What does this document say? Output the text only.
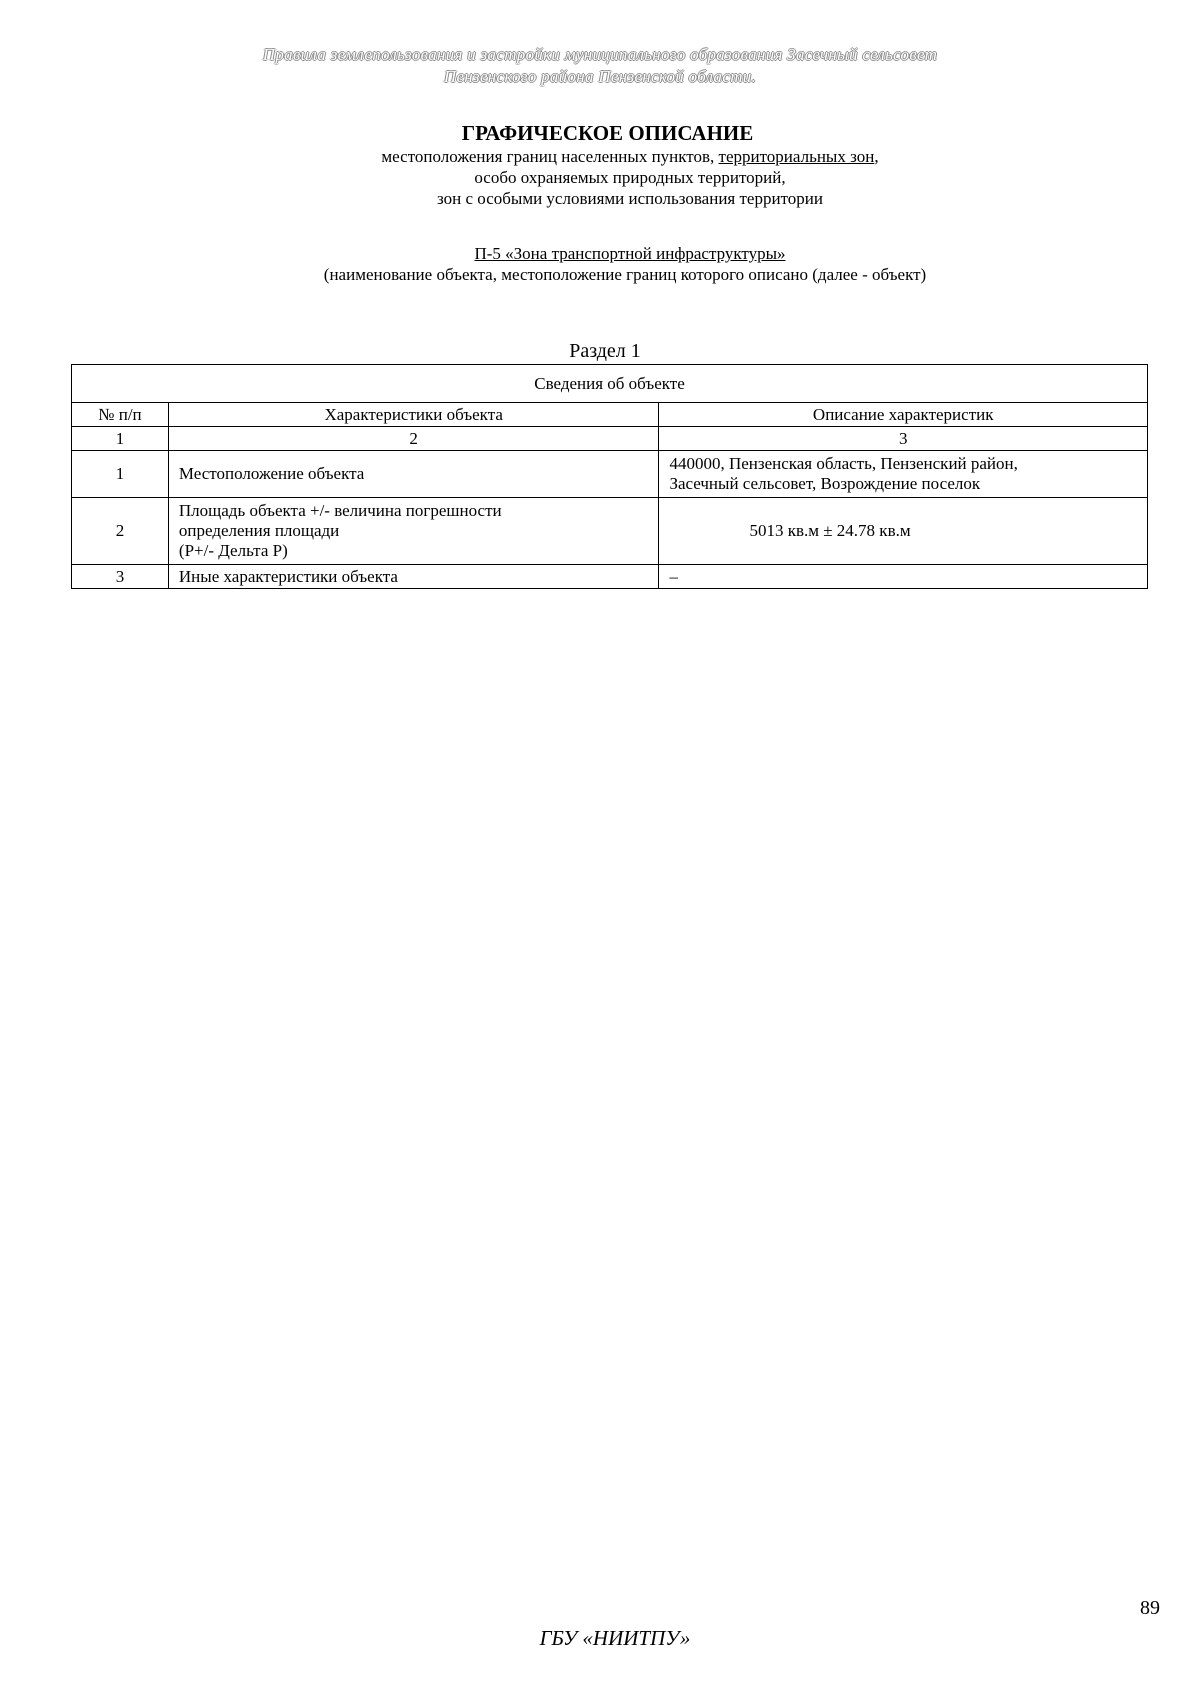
Правила землепользования и застройки муниципального образования Засечный сельсовет
Пензенского района Пензенской области.
ГРАФИЧЕСКОЕ ОПИСАНИЕ
местоположения границ населенных пунктов, территориальных зон,
особо охраняемых природных территорий,
зон с особыми условиями использования территории
П-5 «Зона транспортной инфраструктуры»
(наименование объекта, местоположение границ которого описано (далее - объект)
Раздел 1
Сведения об объекте		
№ п/п	Характеристики объекта	Описание характеристик
1	2	3
1	Местоположение объекта	440000, Пензенская область, Пензенский район,
Засечный сельсовет, Возрождение поселок

2	Площадь объекта +/- величина погрешности
определения площади
(P+/- Дельта P)	5013 кв.м ± 24.78 кв.м
3	Иные характеристики объекта	–
89
ГБУ «НИИТПУ»
